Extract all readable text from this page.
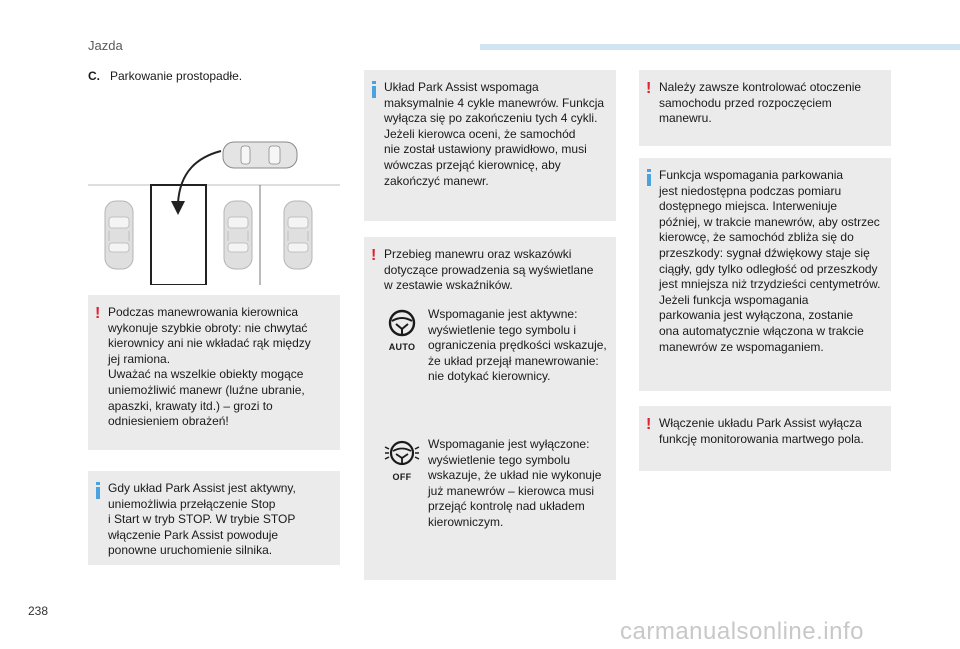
Jazda
C. Parkowanie prostopadłe.
! Podczas manewrowania kierownica
wykonuje szybkie obroty: nie chwytać
kierownicy ani nie wkładać rąk między
jej ramiona.
Uważać na wszelkie obiekty mogące
uniemożliwić manewr (luźne ubranie,
apaszki, krawaty itd.) – grozi to
odniesieniem obrażeń!
Gdy układ Park Assist jest aktywny,
uniemożliwia przełączenie Stop
i Start w tryb STOP. W trybie STOP
włączenie Park Assist powoduje
ponowne uruchomienie silnika.
Układ Park Assist wspomaga
maksymalnie 4 cykle manewrów. Funkcja
wyłącza się po zakończeniu tych 4 cykli.
Jeżeli kierowca oceni, że samochód
nie został ustawiony prawidłowo, musi
wówczas przejąć kierownicę, aby
zakończyć manewr.
! Przebieg manewru oraz wskazówki
dotyczące prowadzenia są wyświetlane
w zestawie wskaźników.
AUTO
Wspomaganie jest aktywne:
wyświetlenie tego symbolu i
ograniczenia prędkości wskazuje,
że układ przejął manewrowanie:
nie dotykać kierownicy.
OFF
Wspomaganie jest wyłączone:
wyświetlenie tego symbolu
wskazuje, że układ nie wykonuje
już manewrów – kierowca musi
przejąć kontrolę nad układem
kierowniczym.
! Należy zawsze kontrolować otoczenie
samochodu przed rozpoczęciem
manewru.
Funkcja wspomagania parkowania
jest niedostępna podczas pomiaru
dostępnego miejsca. Interweniuje
później, w trakcie manewrów, aby ostrzec
kierowcę, że samochód zbliża się do
przeszkody: sygnał dźwiękowy staje się
ciągły, gdy tylko odległość od przeszkody
jest mniejsza niż trzydzieści centymetrów.
Jeżeli funkcja wspomagania
parkowania jest wyłączona, zostanie
ona automatycznie włączona w trakcie
manewrów ze wspomaganiem.
! Włączenie układu Park Assist wyłącza
funkcję monitorowania martwego pola.
238
carmanualsonline.info
